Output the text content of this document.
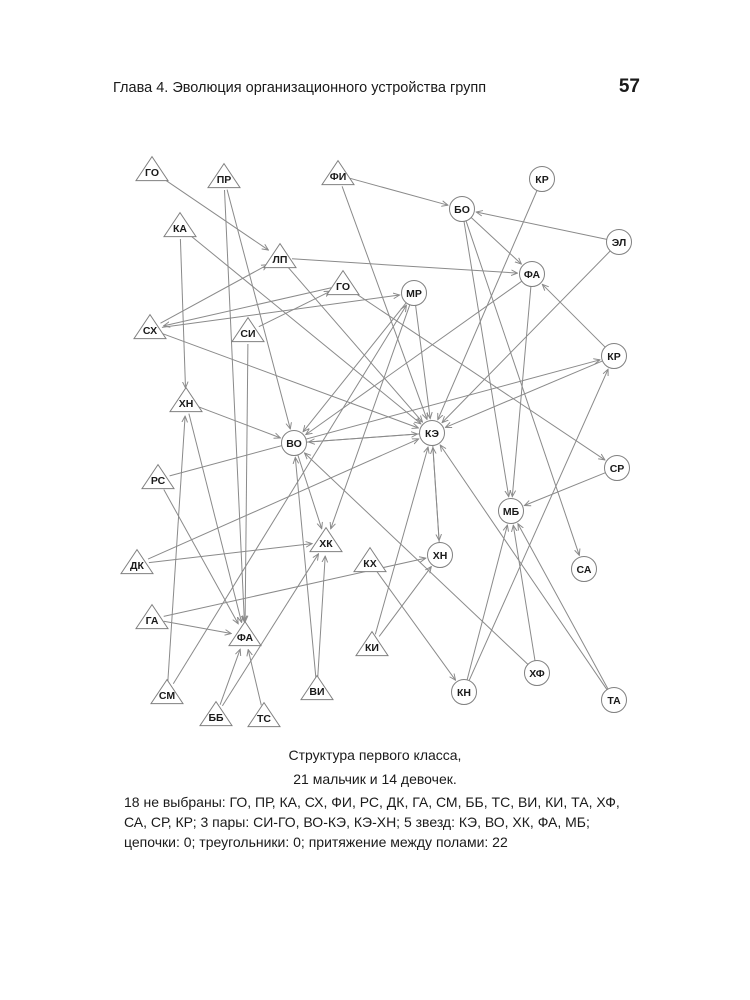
Глава 4. Эволюция организационного устройства групп	57
ГО
ПР	ФИ	КР
БО
КА
ЭЛ
ЛП
ФА
ГО
МР
СХ	СИ
КР
ХН
ВО
КЭ
РС
СР
МБ
ХК
ДК	КХ
ХН
СА
ГА
ФА
КИ
ХФ
СМ	ВИ	КН
ТА
ББ	ТС
Структура первого класса,
21 мальчик и 14 девочек.
18 не выбраны: ГО, ПР, КА, СХ, ФИ, РС, ДК, ГА, СМ, ББ, ТС, ВИ, КИ, ТА, ХФ,
СА, СР, КР; 3 пары: СИ-ГО, ВО-КЭ, КЭ-ХН; 5 звезд: КЭ, ВО, ХК, ФА, МБ;
цепочки: 0; треугольники: 0; притяжение между полами: 22
